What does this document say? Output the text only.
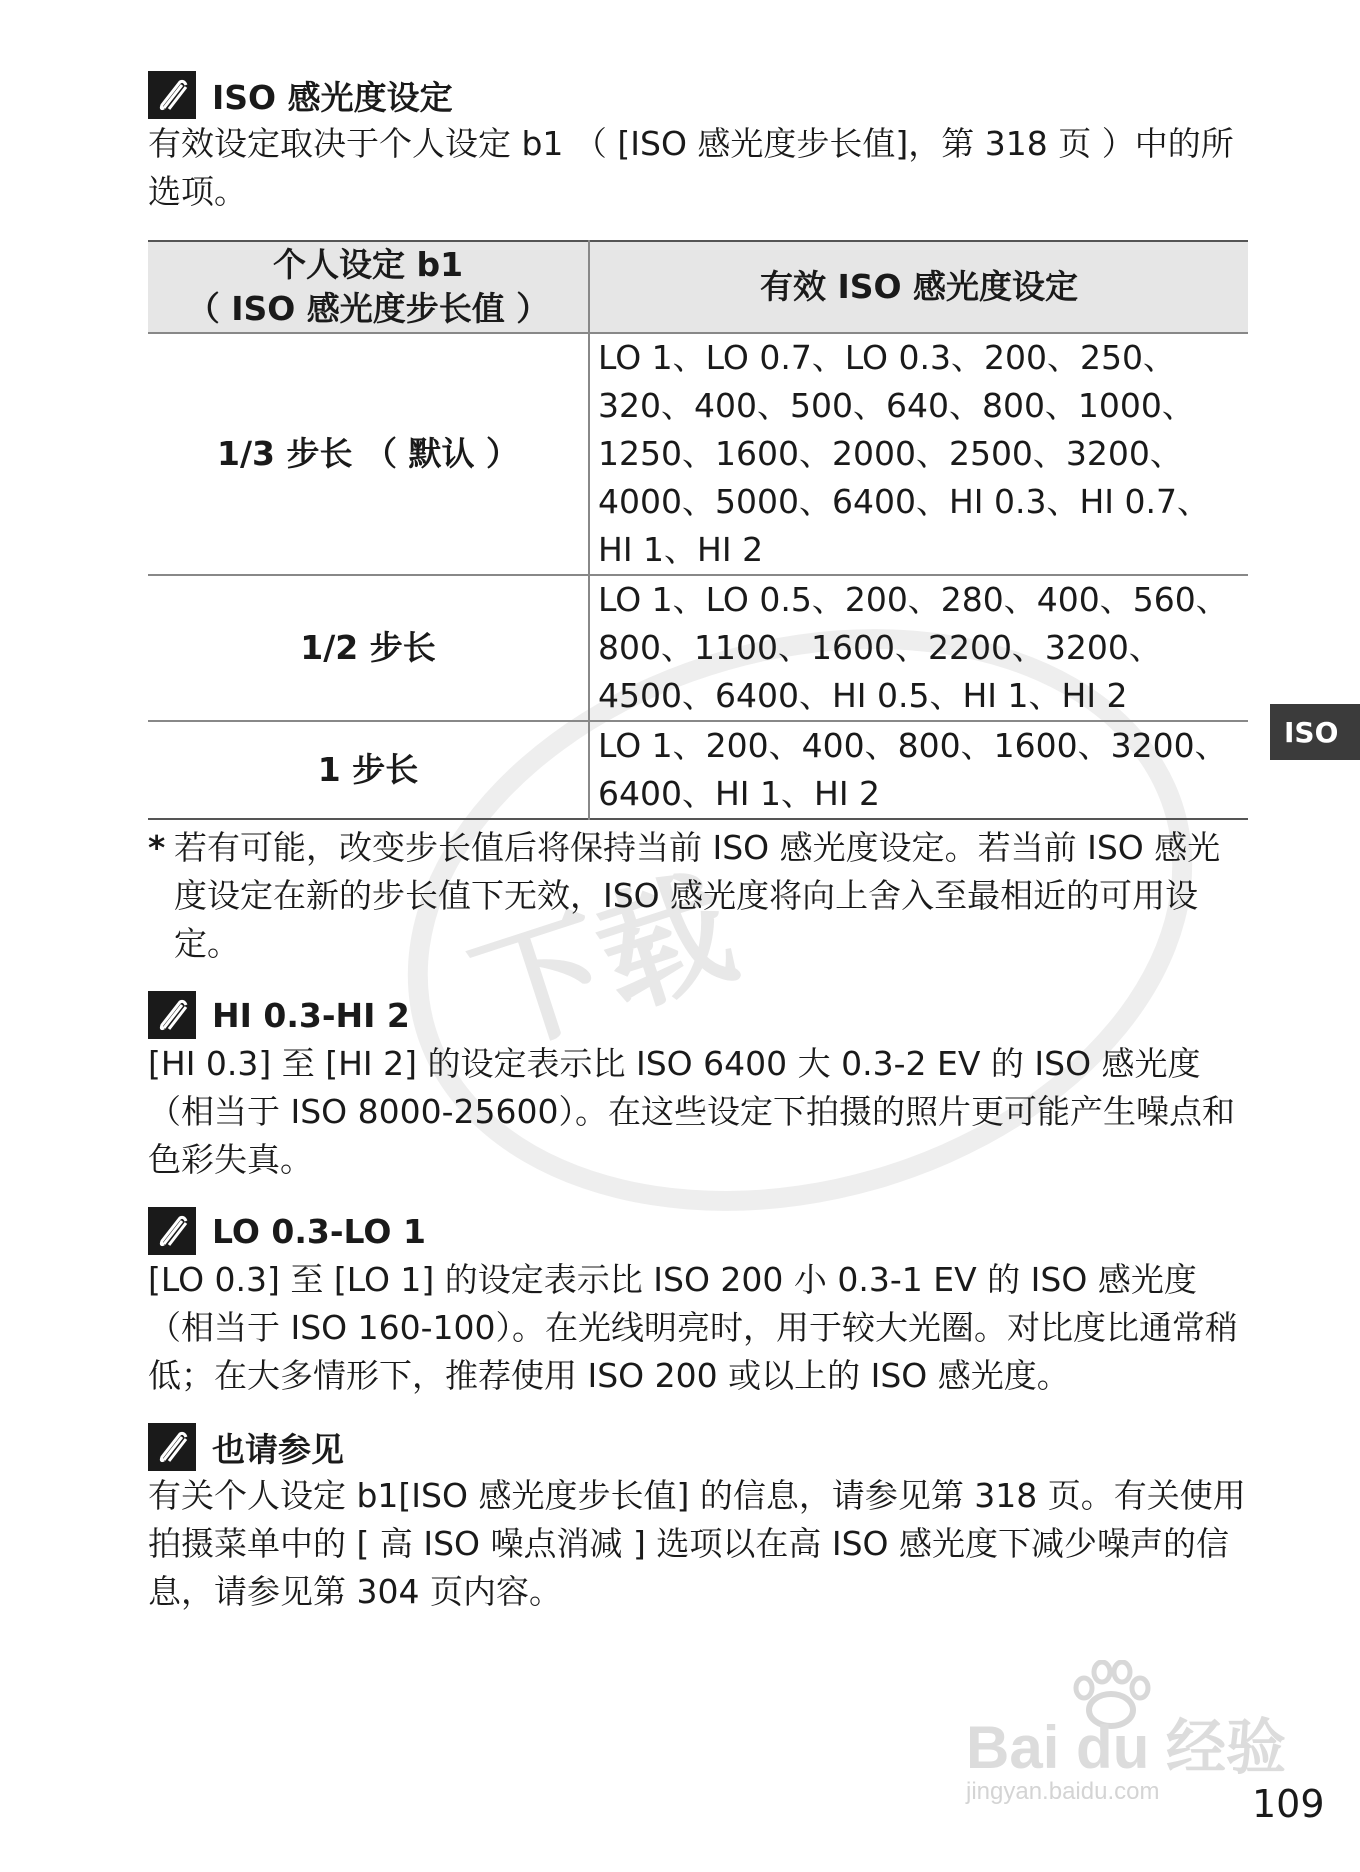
下载
ISO 感光度设定

有效设定取决于个人设定 b1 （ [ISO 感光度步长值]，第 318 页 ）中的所选项。

个人设定 b1
（ ISO 感光度步长值 ）	有效 ISO 感光度设定
1/3 步长 （ 默认 ）	LO 1、LO 0.7、LO 0.3、200、250、320、400、500、640、800、1000、1250、1600、2000、2500、3200、4000、5000、6400、HI 0.3、HI 0.7、HI 1、HI 2
1/2 步长	LO 1、LO 0.5、200、280、400、560、800、1100、1600、2200、3200、4500、6400、HI 0.5、HI 1、HI 2
1 步长	LO 1、200、400、800、1600、3200、6400、HI 1、HI 2
* 若有可能，改变步长值后将保持当前 ISO 感光度设定。若当前 ISO 感光度设定在新的步长值下无效，ISO 感光度将向上舍入至最相近的可用设定。
HI 0.3-HI 2

[HI 0.3] 至 [HI 2] 的设定表示比 ISO 6400 大 0.3-2 EV 的 ISO 感光度（相当于 ISO 8000-25600）。在这些设定下拍摄的照片更可能产生噪点和色彩失真。

LO 0.3-LO 1

[LO 0.3] 至 [LO 1] 的设定表示比 ISO 200 小 0.3-1 EV 的 ISO 感光度（相当于 ISO 160-100）。在光线明亮时，用于较大光圈。对比度比通常稍低；在大多情形下，推荐使用 ISO 200 或以上的 ISO 感光度。

也请参见

有关个人设定 b1[ISO 感光度步长值] 的信息，请参见第 318 页。有关使用拍摄菜单中的 [ 高 ISO 噪点消减 ] 选项以在高 ISO 感光度下减少噪声的信息，请参见第 304 页内容。

ISO
Bai du 经验
jingyan.baidu.com 109
